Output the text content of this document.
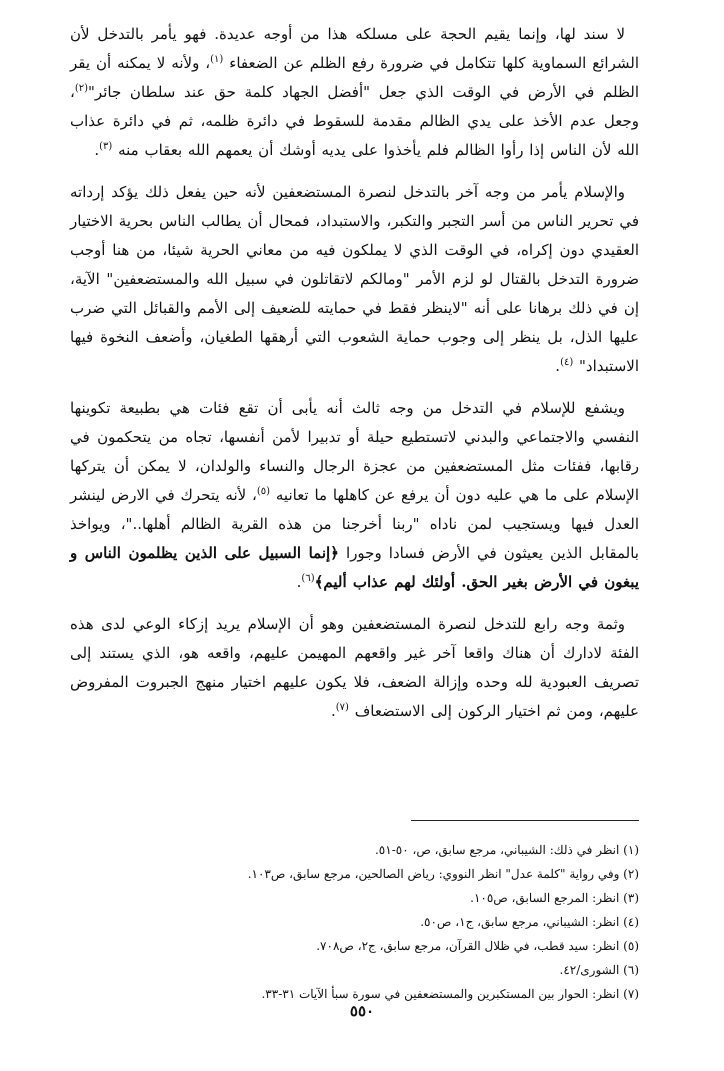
لا سند لها، وإنما يقيم الحجة على مسلكه هذا من أوجه عديدة. فهو يأمر بالتدخل لأن الشرائع السماوية كلها تتكامل في ضرورة رفع الظلم عن الضعفاء $^{(١)}$، ولأنه لا يمكنه أن يقر الظلم في الأرض في الوقت الذي جعل "أفضل الجهاد كلمة حق عند سلطان جائر"$^{(٢)}$، وجعل عدم الأخذ على يدي الظالم مقدمة للسقوط في دائرة ظلمه، ثم في دائرة عذاب الله لأن الناس إذا رأوا الظالم فلم يأخذوا على يديه أوشك أن يعمهم الله بعقاب منه $^{(٣)}$.

والإسلام يأمر من وجه آخر بالتدخل لنصرة المستضعفين لأنه حين يفعل ذلك يؤكد إرداته في تحرير الناس من أسر التجبر والتكبر، والاستبداد، فمحال أن يطالب الناس بحرية الاختيار العقيدي دون إكراه، في الوقت الذي لا يملكون فيه من معاني الحرية شيئا، من هنا أوجب ضرورة التدخل بالقتال لو لزم الأمر "ومالكم لاتقاتلون في سبيل الله والمستضعفين" الآية، إن في ذلك برهانا على أنه "لاينظر فقط في حمايته للضعيف إلى الأمم والقبائل التي ضرب عليها الذل، بل ينظر إلى وجوب حماية الشعوب التي أرهقها الطغيان، وأضعف النخوة فيها الاستبداد" $^{(٤)}$.

ويشفع للإسلام في التدخل من وجه ثالث أنه يأبى أن تقع فئات هي بطبيعة تكوينها النفسي والاجتماعي والبدني لاتستطيع حيلة أو تدبيرا لأمن أنفسها، تجاه من يتحكمون في رقابها، ففئات مثل المستضعفين من عجزة الرجال والنساء والولدان، لا يمكن أن يتركها الإسلام على ما هي عليه دون أن يرفع عن كاهلها ما تعانيه $^{(٥)}$، لأنه يتحرك في الارض لينشر العدل فيها ويستجيب لمن ناداه "ربنا أخرجنا من هذه القرية الظالم أهلها.."، ويواخذ بالمقابل الذين يعيثون في الأرض فسادا وجورا ﴿إنما السبيل على الذين يظلمون الناس و يبغون في الأرض بغير الحق. أولئك لهم عذاب أليم﴾$^{(٦)}$.

وثمة وجه رابع للتدخل لنصرة المستضعفين وهو أن الإسلام يريد إزكاء الوعي لدى هذه الفئة لادارك أن هناك واقعا آخر غير واقعهم المهيمن عليهم، واقعه هو، الذي يستند إلى تصريف العبودية لله وحده وإزالة الضعف، فلا يكون عليهم اختيار منهج الجبروت المفروض عليهم، ومن ثم اختيار الركون إلى الاستضعاف $^{(٧)}$.

(١) انظر في ذلك: الشيباني، مرجع سابق، ص، ٥٠-٥١.
(٢) وفي رواية "كلمة عدل" انظر النووي: رياض الصالحين، مرجع سابق، ص١٠٣.
(٣) انظر: المرجع السابق، ص١٠٥.
(٤) انظر: الشيباني، مرجع سابق، ج١، ص٥٠.
(٥) انظر: سيد قطب، في ظلال القرآن، مرجع سابق، ج٢، ص٧٠٨.
(٦) الشورى/٤٢.
(٧) انظر: الحوار بين المستكبرين والمستضعفين في سورة سبأ الآيات ٣١-٣٣.
٥٥٠
